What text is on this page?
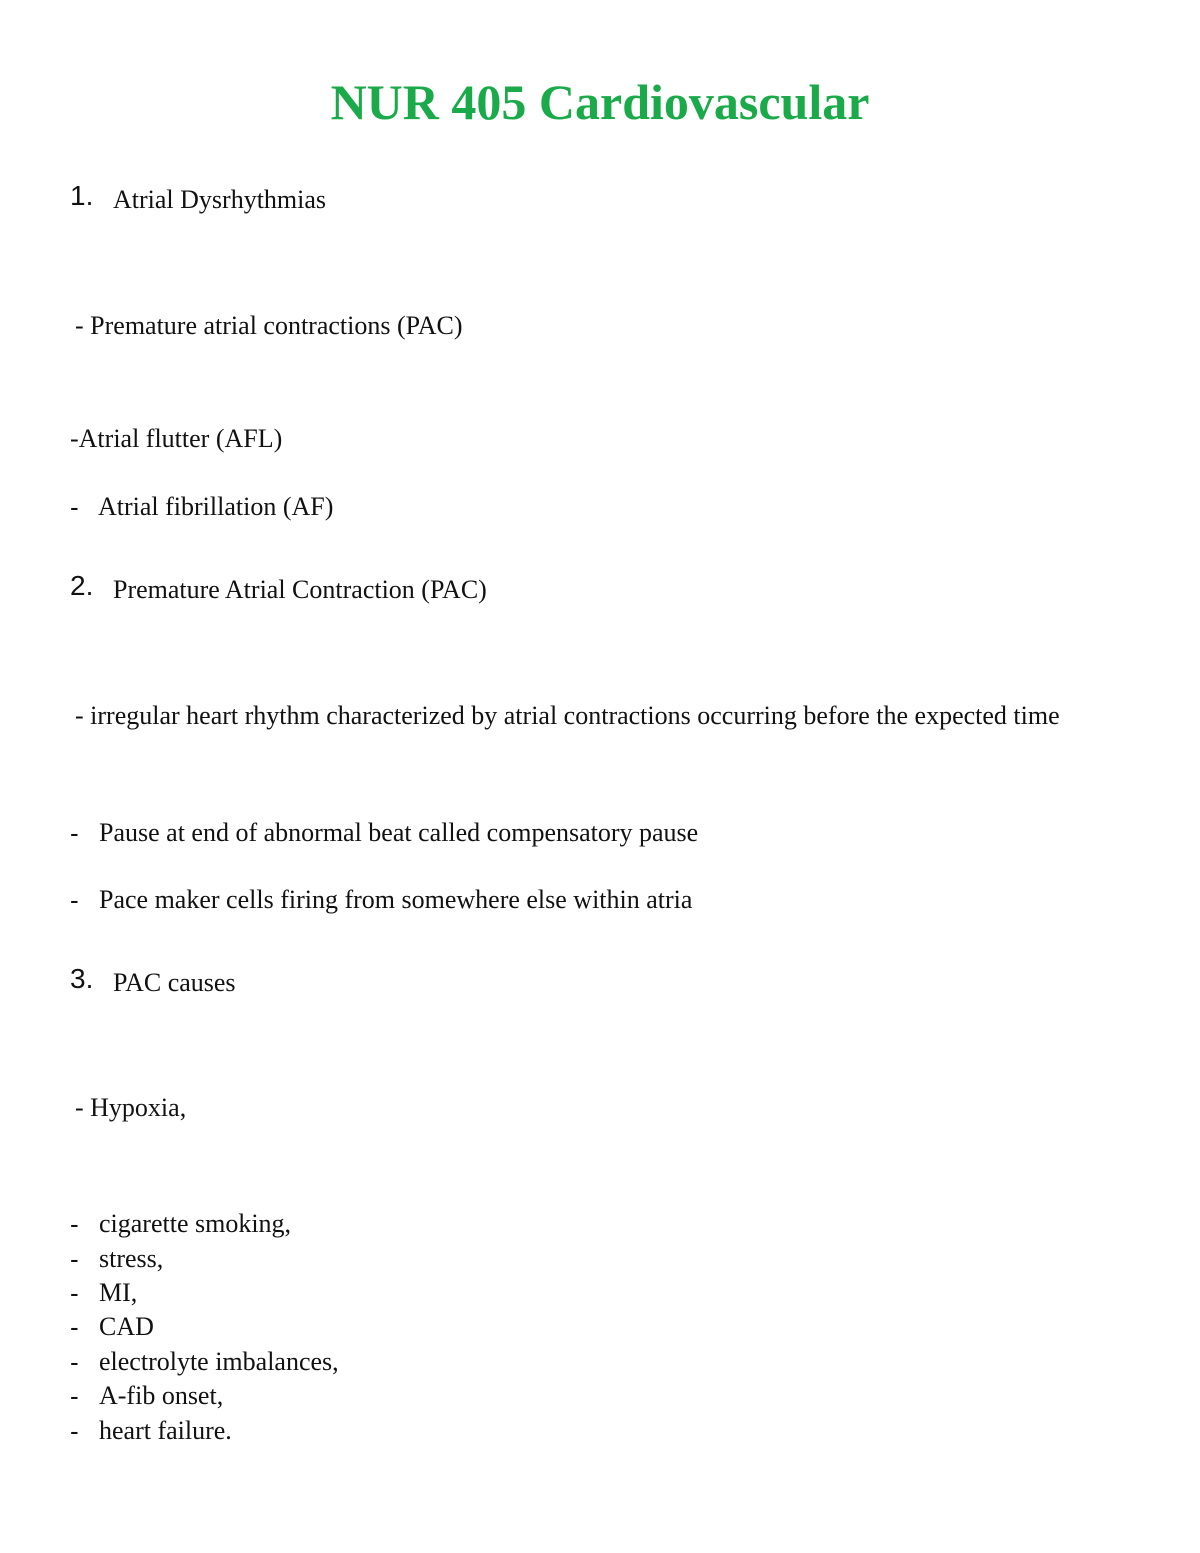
NUR 405 Cardiovascular
1. Atrial Dysrhythmias
- Premature atrial contractions (PAC)
-Atrial flutter (AFL)
- Atrial fibrillation (AF)
2. Premature Atrial Contraction (PAC)
- irregular heart rhythm characterized by atrial contractions occurring before the expected time
- Pause at end of abnormal beat called compensatory pause
- Pace maker cells firing from somewhere else within atria
3. PAC causes
- Hypoxia,
- cigarette smoking,
- stress,
- MI,
- CAD
- electrolyte imbalances,
- A-fib onset,
- heart failure.
